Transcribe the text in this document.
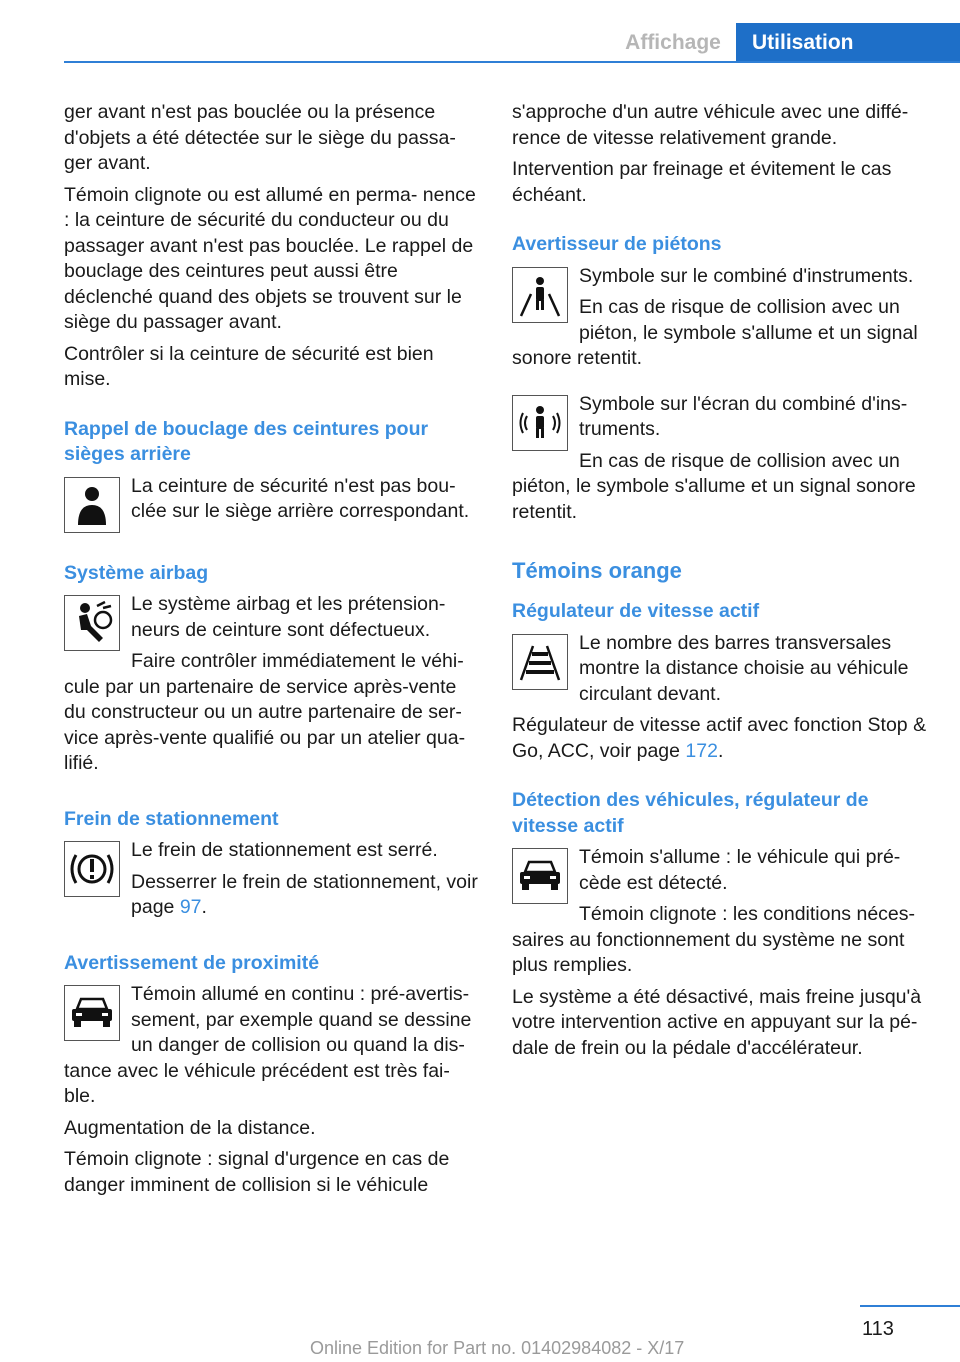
Affichage	Utilisation

ger avant n'est pas bouclée ou la présence d'objets a été détectée sur le siège du passa‐ ger avant.

Témoin clignote ou est allumé en perma‐ nence : la ceinture de sécurité du conducteur ou du passager avant n'est pas bouclée. Le rappel de bouclage des ceintures peut aussi être déclenché quand des objets se trouvent sur le siège du passager avant.

Contrôler si la ceinture de sécurité est bien mise.

Rappel de bouclage des ceintures pour sièges arrière

La ceinture de sécurité n'est pas bou‐ clée sur le siège arrière correspondant.

Système airbag

Le système airbag et les prétension‐ neurs de ceinture sont défectueux.

Faire contrôler immédiatement le véhi‐ cule par un partenaire de service après-vente du constructeur ou un autre partenaire de ser‐ vice après-vente qualifié ou par un atelier qua‐ lifié.

Frein de stationnement

Le frein de stationnement est serré.

Desserrer le frein de stationnement, voir page 97.

Avertissement de proximité

Témoin allumé en continu : pré-avertis‐ sement, par exemple quand se dessine un danger de collision ou quand la dis‐ tance avec le véhicule précédent est très fai‐ ble.

Augmentation de la distance.

Témoin clignote : signal d'urgence en cas de danger imminent de collision si le véhicule

s'approche d'un autre véhicule avec une diffé‐ rence de vitesse relativement grande.

Intervention par freinage et évitement le cas échéant.

Avertisseur de piétons

Symbole sur le combiné d'instruments.

En cas de risque de collision avec un piéton, le symbole s'allume et un signal sonore retentit.

Symbole sur l'écran du combiné d'ins‐ truments.

En cas de risque de collision avec un piéton, le symbole s'allume et un signal sonore retentit.

Témoins orange
Régulateur de vitesse actif

Le nombre des barres transversales montre la distance choisie au véhicule circulant devant.

Régulateur de vitesse actif avec fonction Stop & Go, ACC, voir page 172.

Détection des véhicules, régulateur de vitesse actif

Témoin s'allume : le véhicule qui pré‐ cède est détecté.

Témoin clignote : les conditions néces‐ saires au fonctionnement du système ne sont plus remplies.

Le système a été désactivé, mais freine jusqu'à votre intervention active en appuyant sur la pé‐ dale de frein ou la pédale d'accélérateur.

113
Online Edition for Part no. 01402984082 - X/17
